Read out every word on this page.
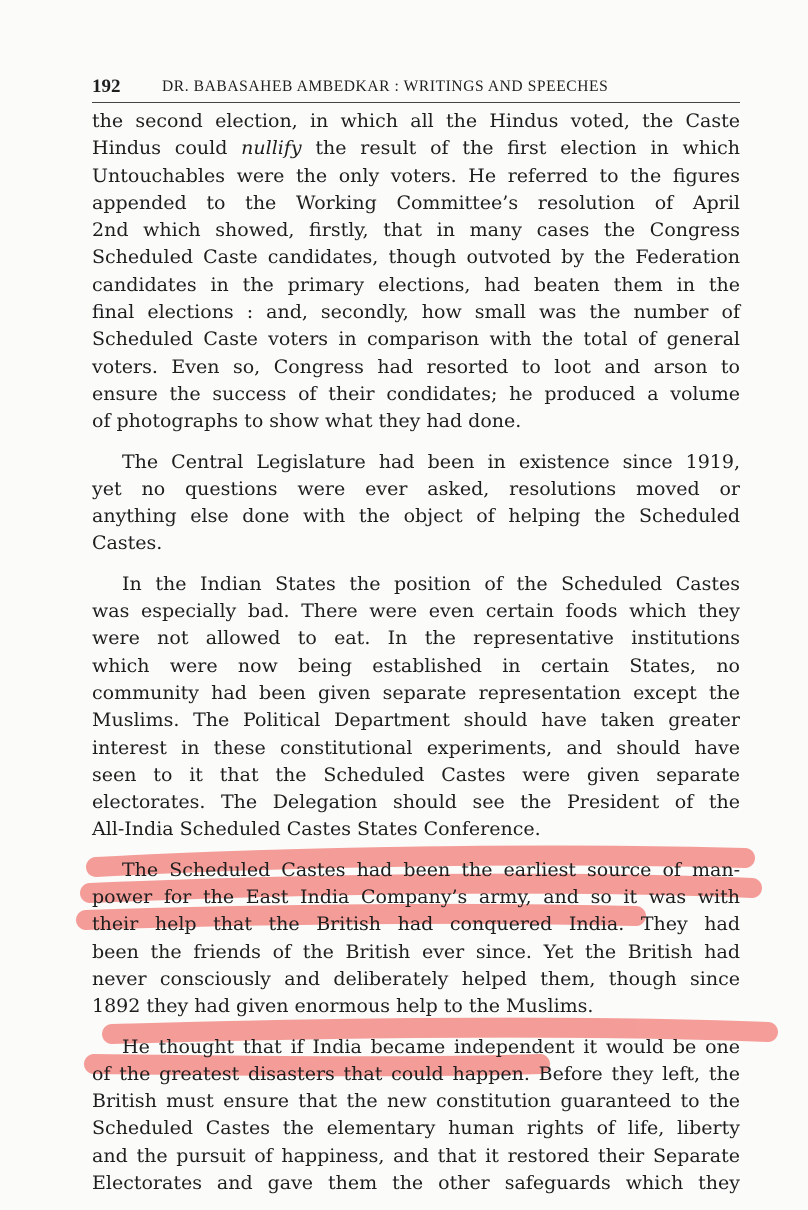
192	DR. BABASAHEB AMBEDKAR : WRITINGS AND SPEECHES

the second election, in which all the Hindus voted, the Caste
Hindus could nullify the result of the first election in which
Untouchables were the only voters. He referred to the figures
appended to the Working Committee’s resolution of April
2nd which showed, firstly, that in many cases the Congress
Scheduled Caste candidates, though outvoted by the Federation
candidates in the primary elections, had beaten them in the
final elections : and, secondly, how small was the number of
Scheduled Caste voters in comparison with the total of general
voters. Even so, Congress had resorted to loot and arson to
ensure the success of their condidates; he produced a volume
of photographs to show what they had done.

The Central Legislature had been in existence since 1919,
yet no questions were ever asked, resolutions moved or
anything else done with the object of helping the Scheduled
Castes.

In the Indian States the position of the Scheduled Castes
was especially bad. There were even certain foods which they
were not allowed to eat. In the representative institutions
which were now being established in certain States, no
community had been given separate representation except the
Muslims. The Political Department should have taken greater
interest in these constitutional experiments, and should have
seen to it that the Scheduled Castes were given separate
electorates. The Delegation should see the President of the
All-India Scheduled Castes States Conference.

The Scheduled Castes had been the earliest source of man-
power for the East India Company’s army, and so it was with
their help that the British had conquered India. They had
been the friends of the British ever since. Yet the British had
never consciously and deliberately helped them, though since
1892 they had given enormous help to the Muslims.

He thought that if India became independent it would be one
of the greatest disasters that could happen. Before they left, the
British must ensure that the new constitution guaranteed to the
Scheduled Castes the elementary human rights of life, liberty
and the pursuit of happiness, and that it restored their Separate
Electorates and gave them the other safeguards which they
